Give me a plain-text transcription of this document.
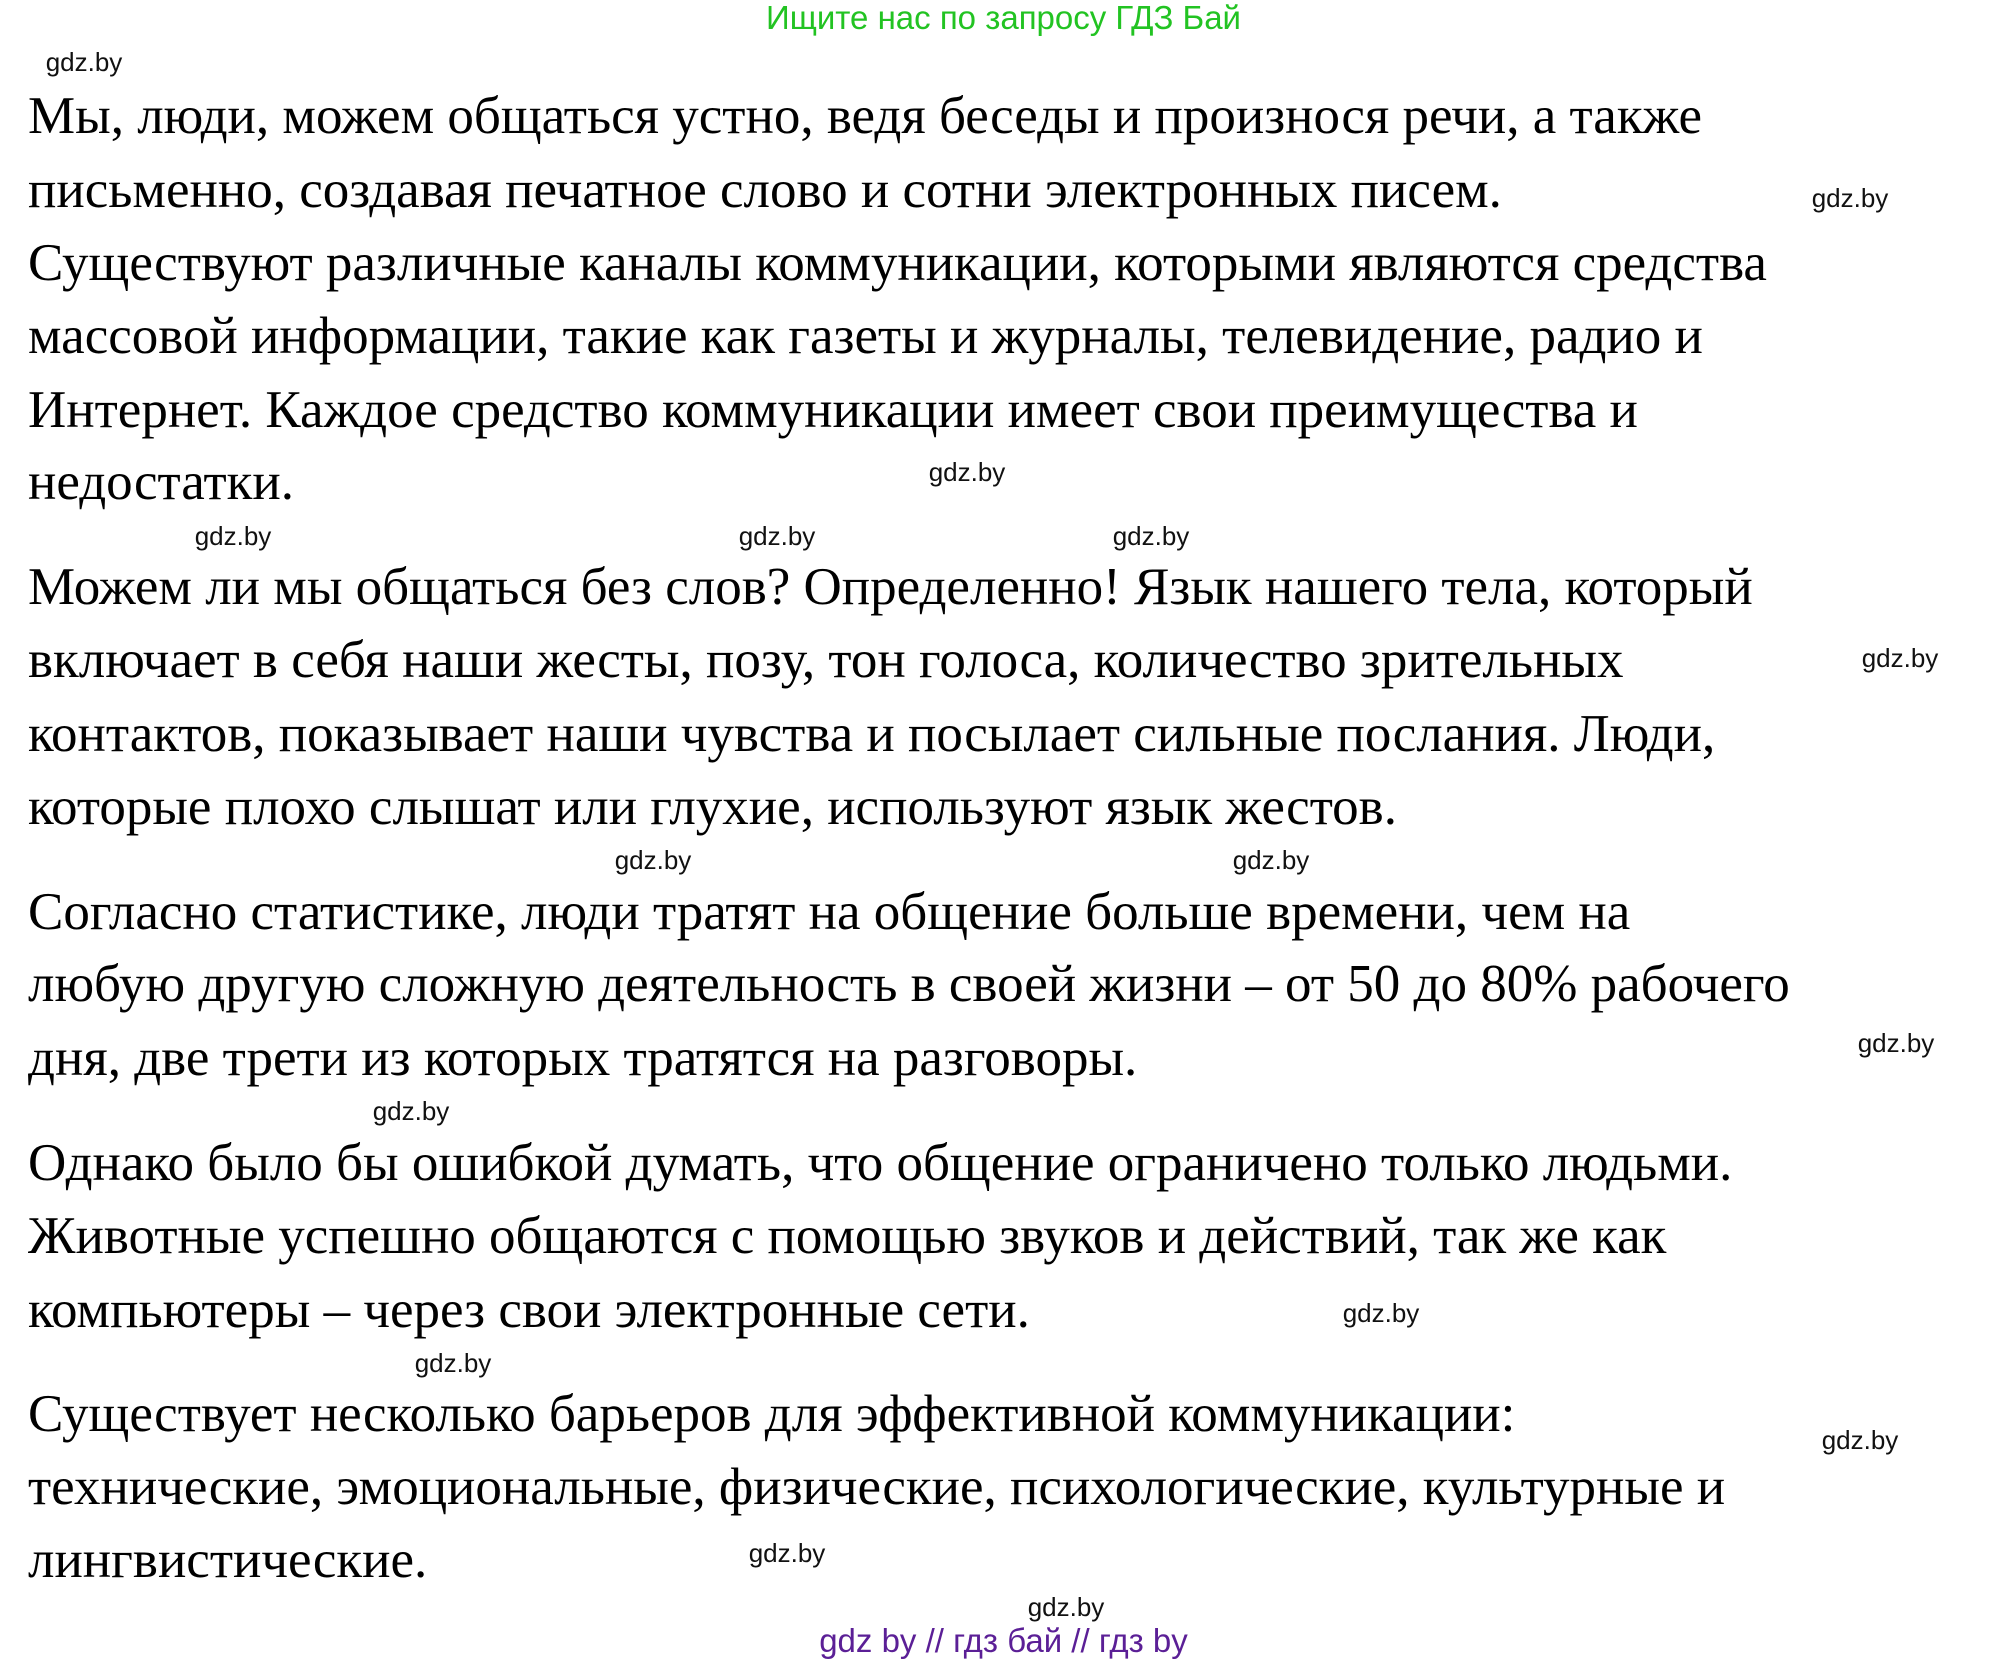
Ищите нас по запросу ГДЗ Бай
Мы, люди, можем общаться устно, ведя беседы и произнося речи, а также
письменно, создавая печатное слово и сотни электронных писем.
Существуют различные каналы коммуникации, которыми являются средства
массовой информации, такие как газеты и журналы, телевидение, радио и
Интернет. Каждое средство коммуникации имеет свои преимущества и
недостатки.
Можем ли мы общаться без слов? Определенно! Язык нашего тела, который
включает в себя наши жесты, позу, тон голоса, количество зрительных
контактов, показывает наши чувства и посылает сильные послания. Люди,
которые плохо слышат или глухие, используют язык жестов.
Согласно статистике, люди тратят на общение больше времени, чем на
любую другую сложную деятельность в своей жизни – от 50 до 80% рабочего
дня, две трети из которых тратятся на разговоры.
Однако было бы ошибкой думать, что общение ограничено только людьми.
Животные успешно общаются с помощью звуков и действий, так же как
компьютеры – через свои электронные сети.
Существует несколько барьеров для эффективной коммуникации:
технические, эмоциональные, физические, психологические, культурные и
лингвистические.
gdz.by
gdz.by
gdz.by
gdz.by
gdz.by
gdz.by
gdz.by
gdz.by
gdz.by
gdz.by
gdz.by
gdz.by
gdz.by
gdz.by
gdz.by
gdz.by
gdz by // гдз бай // гдз by
